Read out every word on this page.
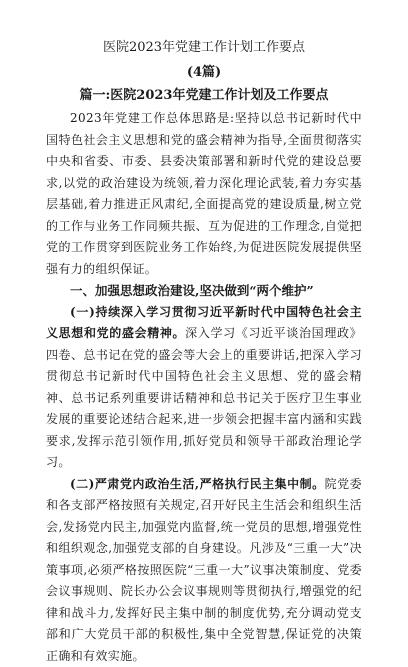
医院2023年党建工作计划工作要点
(4篇)
篇一:医院2023年党建工作计划及工作要点

2023年党建工作总体思路是:坚持以总书记新时代中国特色社会主义思想和党的盛会精神为指导,全面贯彻落实中央和省委、市委、县委决策部署和新时代党的建设总要求,以党的政治建设为统领,着力深化理论武装,着力夯实基层基础,着力推进正风肃纪,全面提高党的建设质量,树立党的工作与业务工作同频共振、互为促进的工作理念,自觉把党的工作贯穿到医院业务工作始终,为促进医院发展提供坚强有力的组织保证。

一、加强思想政治建设,坚决做到“两个维护”

(一)持续深入学习贯彻习近平新时代中国特色社会主义思想和党的盛会精神。深入学习《习近平谈治国理政》四卷、总书记在党的盛会等大会上的重要讲话,把深入学习贯彻总书记新时代中国特色社会主义思想、党的盛会精神、总书记系列重要讲话精神和总书记关于医疗卫生事业发展的重要论述结合起来,进一步领会把握丰富内涵和实践要求,发挥示范引领作用,抓好党员和领导干部政治理论学习。

(二)严肃党内政治生活,严格执行民主集中制。院党委和各支部严格按照有关规定,召开好民主生活会和组织生活会,发扬党内民主,加强党内监督,统一党员的思想,增强党性和组织观念,加强党支部的自身建设。凡涉及“三重一大”决策事项,必须严格按照医院“三重一大”议事决策制度、党委会议事规则、院长办公会议事规则等贯彻执行,增强党的纪律和战斗力,发挥好民主集中制的制度优势,充分调动党支部和广大党员干部的积极性,集中全党智慧,保证党的决策正确和有效实施。
